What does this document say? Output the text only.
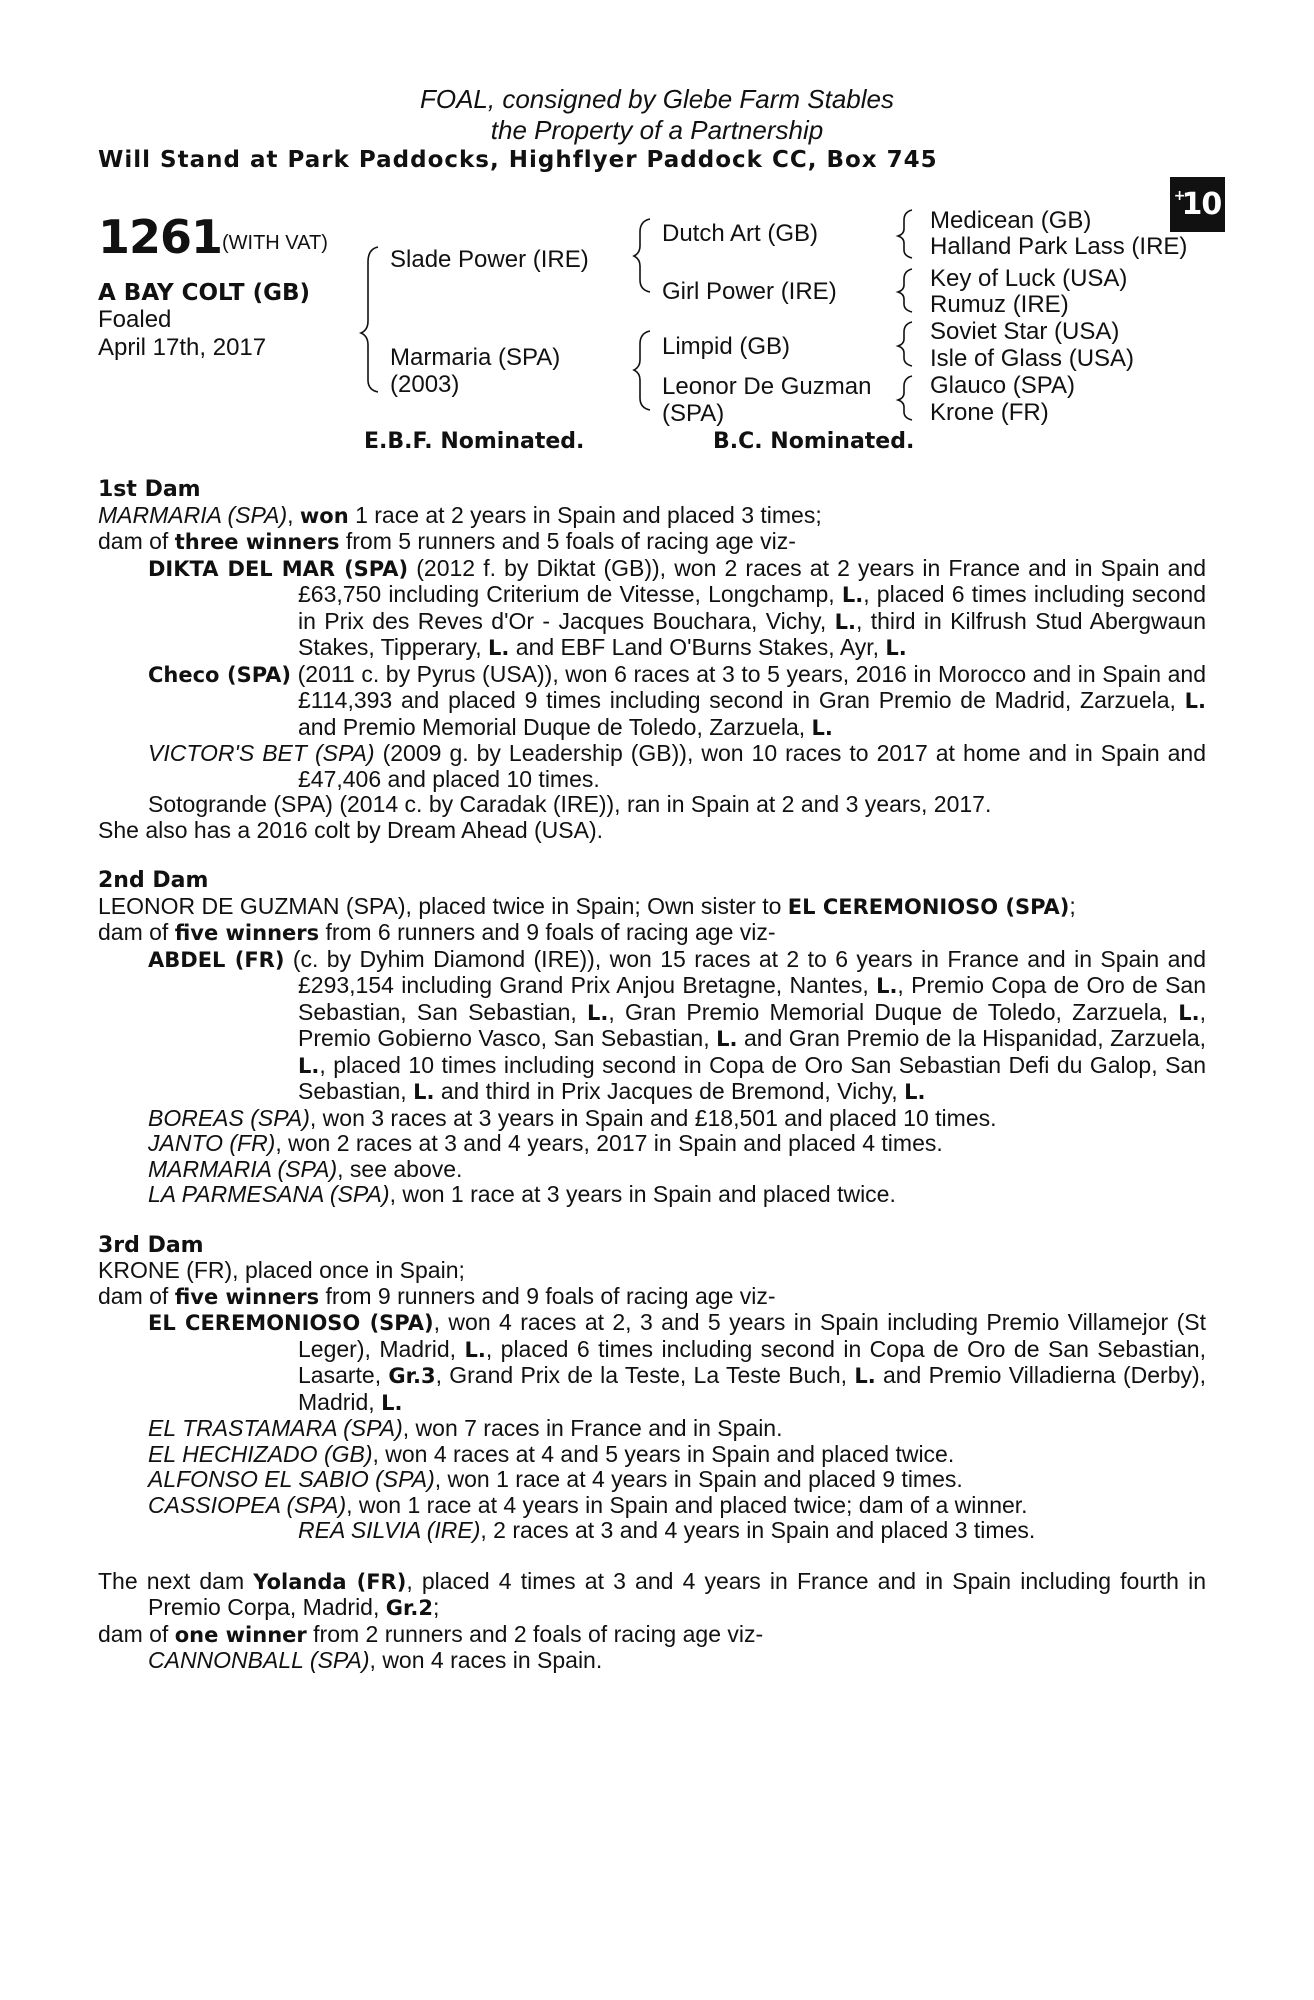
FOAL, consigned by Glebe Farm Stables
the Property of a Partnership
Will Stand at Park Paddocks, Highflyer Paddock CC, Box 745
+
10
1261 (WITH VAT)
A BAY COLT (GB)
Foaled
April 17th, 2017
Slade Power (IRE)
Marmaria (SPA)
(2003)
Dutch Art (GB)
Girl Power (IRE)
Limpid (GB)
Leonor De Guzman
(SPA)
Medicean (GB)
Halland Park Lass (IRE)
Key of Luck (USA)
Rumuz (IRE)
Soviet Star (USA)
Isle of Glass (USA)
Glauco (SPA)
Krone (FR)
E.B.F. Nominated.	B.C. Nominated.

1st Dam

MARMARIA (SPA), won 1 race at 2 years in Spain and placed 3 times;

dam of three winners from 5 runners and 5 foals of racing age viz-

DIKTA DEL MAR (SPA) (2012 f. by Diktat (GB)), won 2 races at 2 years in France and in Spain and £63,750 including Criterium de Vitesse, Longchamp, L., placed 6 times including second in Prix des Reves d'Or - Jacques Bouchara, Vichy, L., third in Kilfrush Stud Abergwaun Stakes, Tipperary, L. and EBF Land O'Burns Stakes, Ayr, L.

Checo (SPA) (2011 c. by Pyrus (USA)), won 6 races at 3 to 5 years, 2016 in Morocco and in Spain and £114,393 and placed 9 times including second in Gran Premio de Madrid, Zarzuela, L. and Premio Memorial Duque de Toledo, Zarzuela, L.

VICTOR'S BET (SPA) (2009 g. by Leadership (GB)), won 10 races to 2017 at home and in Spain and £47,406 and placed 10 times.

Sotogrande (SPA) (2014 c. by Caradak (IRE)), ran in Spain at 2 and 3 years, 2017.

She also has a 2016 colt by Dream Ahead (USA).

2nd Dam

LEONOR DE GUZMAN (SPA), placed twice in Spain; Own sister to EL CEREMONIOSO (SPA);

dam of five winners from 6 runners and 9 foals of racing age viz-

ABDEL (FR) (c. by Dyhim Diamond (IRE)), won 15 races at 2 to 6 years in France and in Spain and £293,154 including Grand Prix Anjou Bretagne, Nantes, L., Premio Copa de Oro de San Sebastian, San Sebastian, L., Gran Premio Memorial Duque de Toledo, Zarzuela, L., Premio Gobierno Vasco, San Sebastian, L. and Gran Premio de la Hispanidad, Zarzuela, L., placed 10 times including second in Copa de Oro San Sebastian Defi du Galop, San Sebastian, L. and third in Prix Jacques de Bremond, Vichy, L.

BOREAS (SPA), won 3 races at 3 years in Spain and £18,501 and placed 10 times.

JANTO (FR), won 2 races at 3 and 4 years, 2017 in Spain and placed 4 times.

MARMARIA (SPA), see above.

LA PARMESANA (SPA), won 1 race at 3 years in Spain and placed twice.

3rd Dam

KRONE (FR), placed once in Spain;

dam of five winners from 9 runners and 9 foals of racing age viz-

EL CEREMONIOSO (SPA), won 4 races at 2, 3 and 5 years in Spain including Premio Villamejor (St Leger), Madrid, L., placed 6 times including second in Copa de Oro de San Sebastian, Lasarte, Gr.3, Grand Prix de la Teste, La Teste Buch, L. and Premio Villadierna (Derby), Madrid, L.

EL TRASTAMARA (SPA), won 7 races in France and in Spain.

EL HECHIZADO (GB), won 4 races at 4 and 5 years in Spain and placed twice.

ALFONSO EL SABIO (SPA), won 1 race at 4 years in Spain and placed 9 times.

CASSIOPEA (SPA), won 1 race at 4 years in Spain and placed twice; dam of a winner.

REA SILVIA (IRE), 2 races at 3 and 4 years in Spain and placed 3 times.

The next dam Yolanda (FR), placed 4 times at 3 and 4 years in France and in Spain including fourth in Premio Corpa, Madrid, Gr.2;

dam of one winner from 2 runners and 2 foals of racing age viz-

CANNONBALL (SPA), won 4 races in Spain.
